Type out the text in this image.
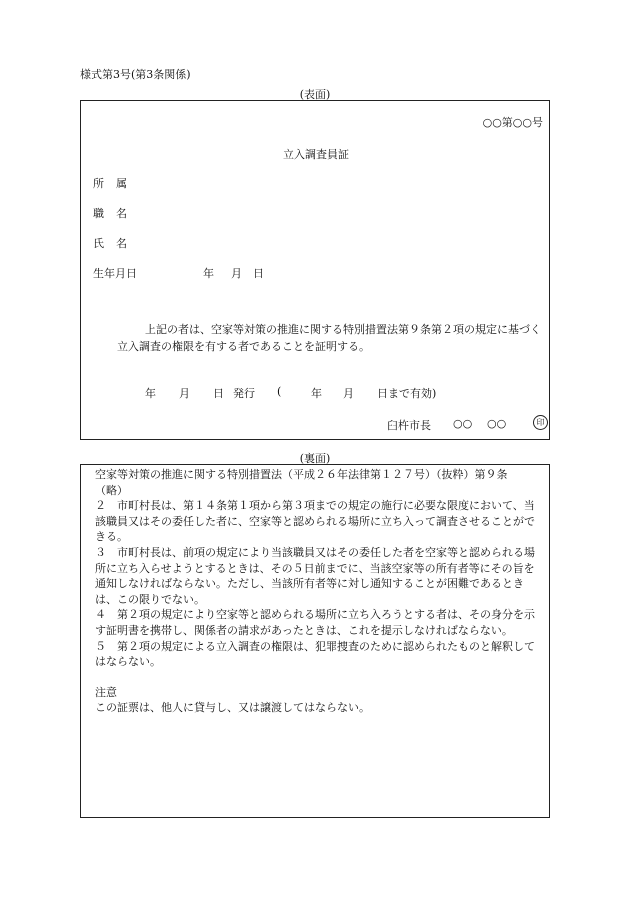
様式第3号(第3条関係)
(表面)
○○第○○号
立入調査員証
所　属
職　名
氏　名
生年月日	年 月 日
上記の者は、空家等対策の推進に関する特別措置法第９条第２項の規定に基づく立入調査の権限を有する者であることを証明する。
年 月 日 発行 (	年 月 日まで有効)
臼杵市長 ○○ ○○	印
(裏面)

空家等対策の推進に関する特別措置法（平成２６年法律第１２７号）（抜粋）第９条

（略）

２　市町村長は、第１４条第１項から第３項までの規定の施行に必要な限度において、当該職員又はその委任した者に、空家等と認められる場所に立ち入って調査させることができる。

３　市町村長は、前項の規定により当該職員又はその委任した者を空家等と認められる場所に立ち入らせようとするときは、その５日前までに、当該空家等の所有者等にその旨を通知しなければならない。ただし、当該所有者等に対し通知することが困難であるときは、この限りでない。

４　第２項の規定により空家等と認められる場所に立ち入ろうとする者は、その身分を示す証明書を携帯し、関係者の請求があったときは、これを提示しなければならない。

５　第２項の規定による立入調査の権限は、犯罪捜査のために認められたものと解釈してはならない。

注意

この証票は、他人に貸与し、又は譲渡してはならない。
